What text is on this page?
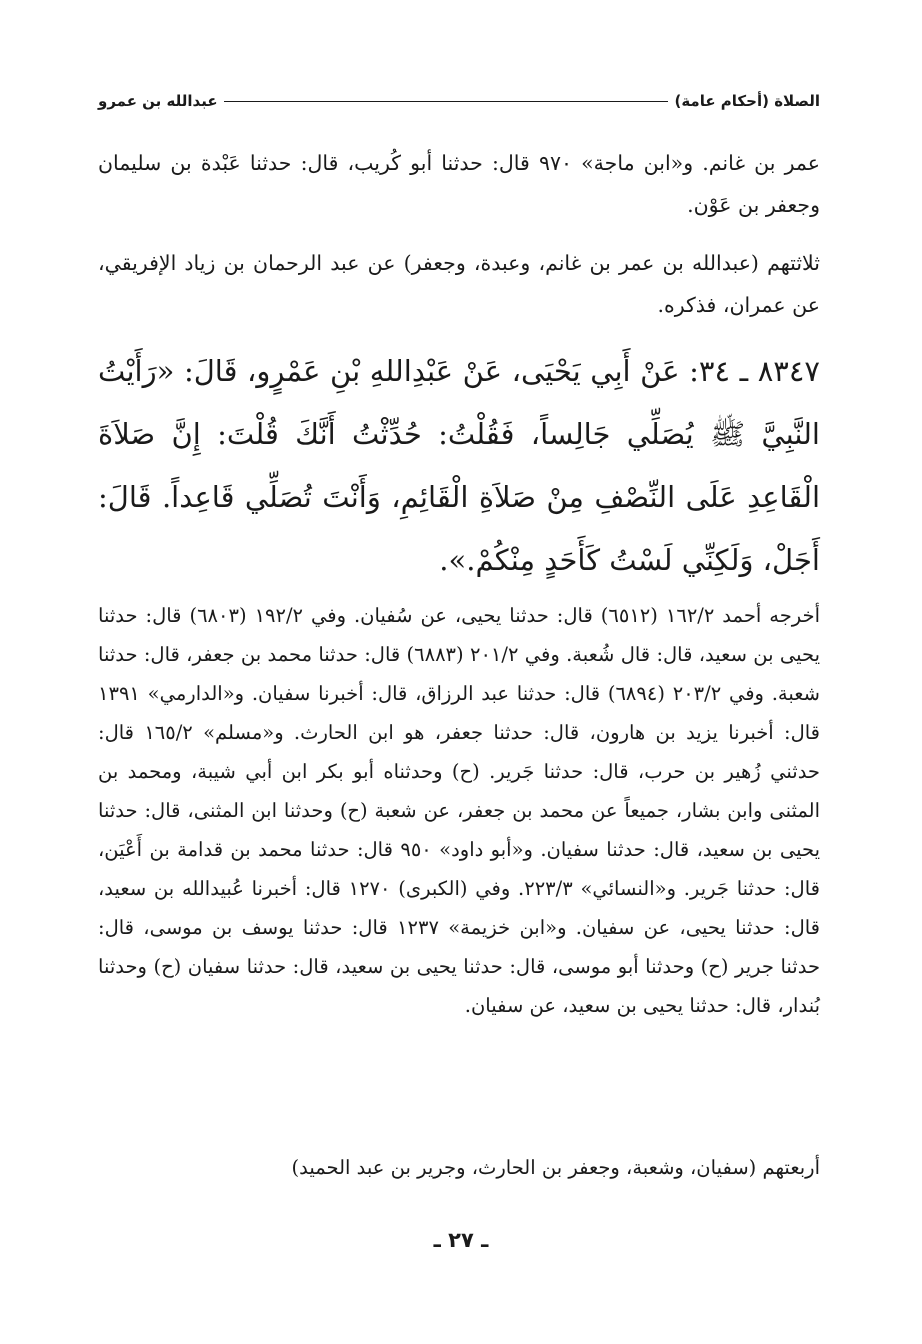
الصلاة (أحكام عامة)
عبدالله بن عمرو
عمر بن غانم. و«ابن ماجة» ٩٧٠ قال: حدثنا أبو كُريب، قال: حدثنا عَبْدة بن سليمان وجعفر بن عَوْن.
ثلاثتهم (عبدالله بن عمر بن غانم، وعبدة، وجعفر) عن عبد الرحمان بن زياد الإفريقي، عن عمران، فذكره.
٨٣٤٧ ـ ٣٤: عَنْ أَبِي يَحْيَى، عَنْ عَبْدِاللهِ بْنِ عَمْرٍو، قَالَ: «رَأَيْتُ النَّبِيَّ ﷺ يُصَلِّي جَالِساً، فَقُلْتُ: حُدِّثْتُ أَنَّكَ قُلْتَ: إِنَّ صَلاَةَ الْقَاعِدِ عَلَى النِّصْفِ مِنْ صَلاَةِ الْقَائِمِ، وَأَنْتَ تُصَلِّي قَاعِداً. قَالَ: أَجَلْ، وَلَكِنِّي لَسْتُ كَأَحَدٍ مِنْكُمْ.».
أخرجه أحمد ١٦٢/٢ (٦٥١٢) قال: حدثنا يحيى، عن سُفيان. وفي ١٩٢/٢ (٦٨٠٣) قال: حدثنا يحيى بن سعيد، قال: قال شُعبة. وفي ٢٠١/٢ (٦٨٨٣) قال: حدثنا محمد بن جعفر، قال: حدثنا شعبة. وفي ٢٠٣/٢ (٦٨٩٤) قال: حدثنا عبد الرزاق، قال: أخبرنا سفيان. و«الدارمي» ١٣٩١ قال: أخبرنا يزيد بن هارون، قال: حدثنا جعفر، هو ابن الحارث. و«مسلم» ١٦٥/٢ قال: حدثني زُهير بن حرب، قال: حدثنا جَرير. (ح) وحدثناه أبو بكر ابن أبي شيبة، ومحمد بن المثنى وابن بشار، جميعاً عن محمد بن جعفر، عن شعبة (ح) وحدثنا ابن المثنى، قال: حدثنا يحيى بن سعيد، قال: حدثنا سفيان. و«أبو داود» ٩٥٠ قال: حدثنا محمد بن قدامة بن أَعْيَن، قال: حدثنا جَرير. و«النسائي» ٢٢٣/٣. وفي (الكبرى) ١٢٧٠ قال: أخبرنا عُبيدالله بن سعيد، قال: حدثنا يحيى، عن سفيان. و«ابن خزيمة» ١٢٣٧ قال: حدثنا يوسف بن موسى، قال: حدثنا جرير (ح) وحدثنا أبو موسى، قال: حدثنا يحيى بن سعيد، قال: حدثنا سفيان (ح) وحدثنا بُندار، قال: حدثنا يحيى بن سعيد، عن سفيان.
أربعتهم (سفيان، وشعبة، وجعفر بن الحارث، وجرير بن عبد الحميد)
ـ ٢٧ ـ
